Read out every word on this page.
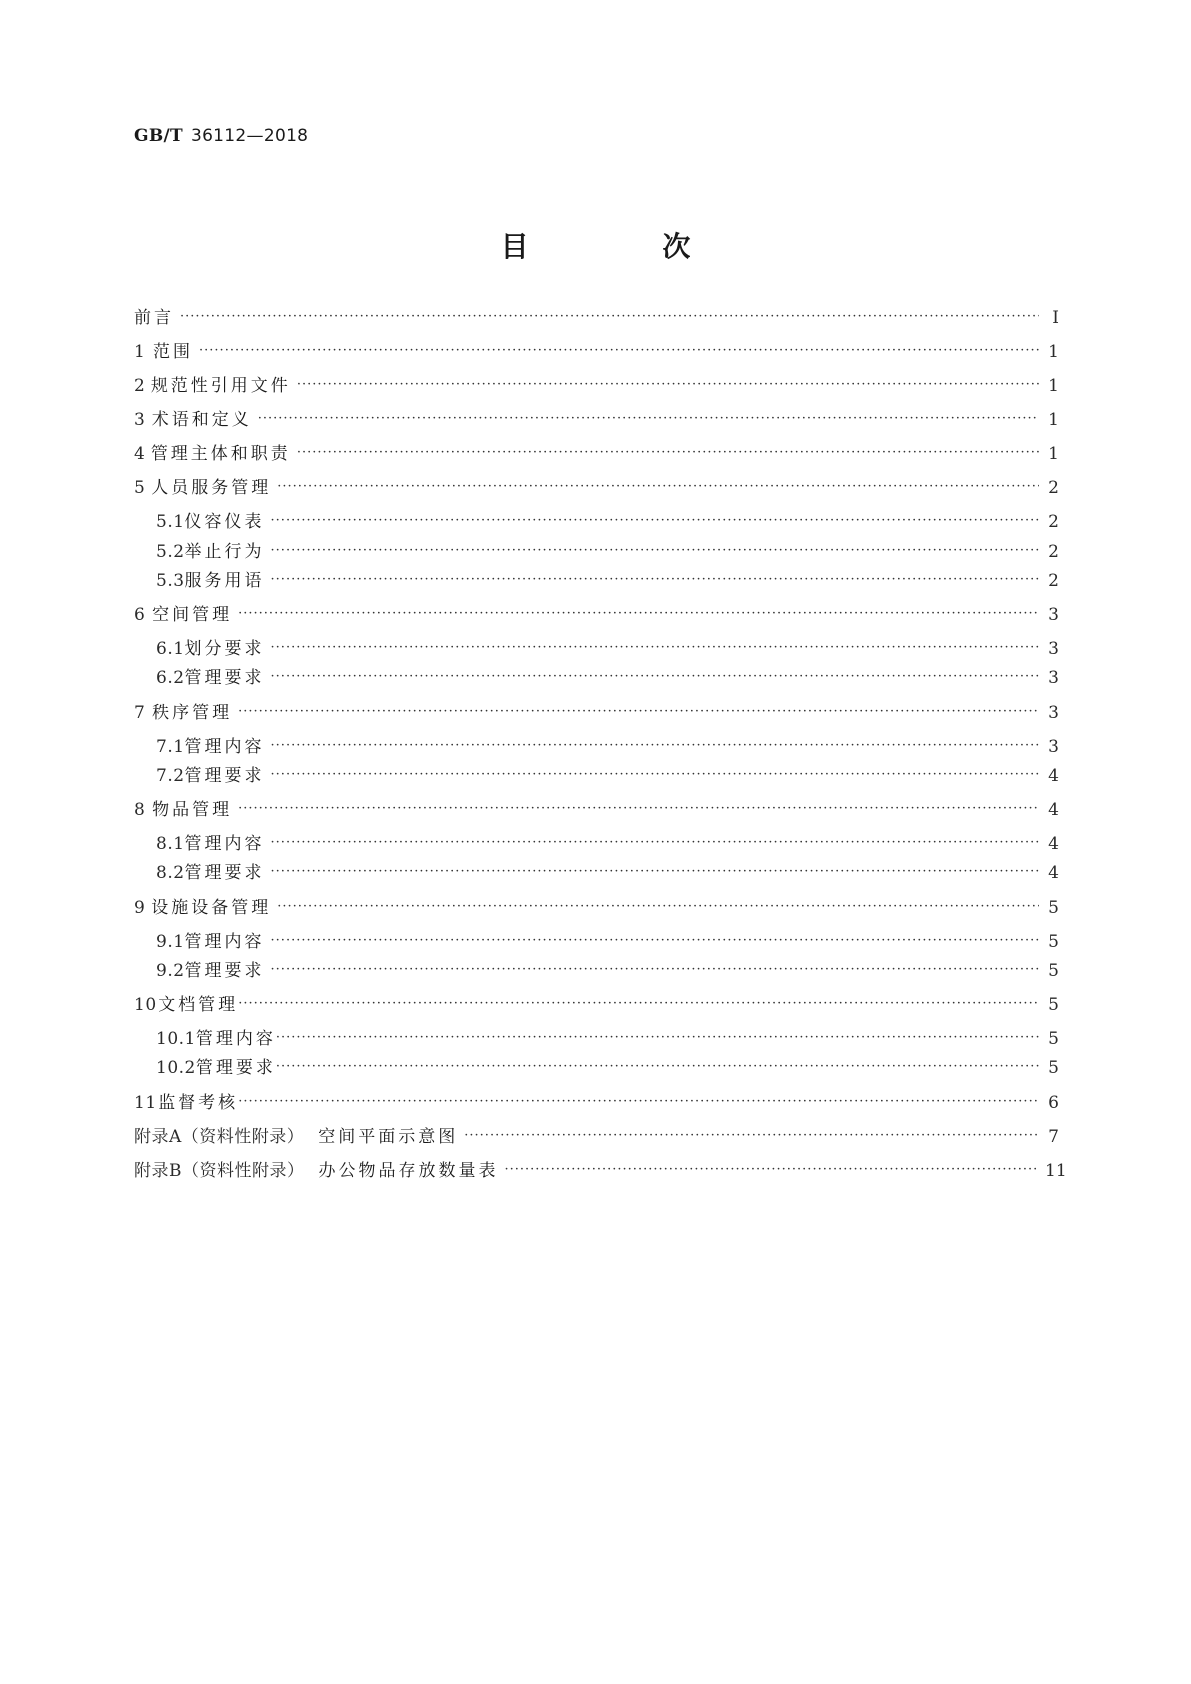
GB/T 36112—2018
目 次
前言 ·····	Ⅰ
1 范围 ·····	1
2 规范性引用文件 ·····	1
3 术语和定义 ·····	1
4 管理主体和职责 ·····	1
5 人员服务管理 ·····	2
5.1 仪容仪表 ·····	2
5.2 举止行为 ·····	2
5.3 服务用语 ·····	2
6 空间管理 ·····	3
6.1 划分要求 ·····	3
6.2 管理要求 ·····	3
7 秩序管理 ·····	3
7.1 管理内容 ·····	3
7.2 管理要求 ·····	4
8 物品管理 ·····	4
8.1 管理内容 ·····	4
8.2 管理要求 ·····	4
9 设施设备管理 ·····	5
9.1 管理内容 ·····	5
9.2 管理要求 ·····	5
10 文档管理 ·····	5
10.1 管理内容 ·····	5
10.2 管理要求 ·····	5
11 监督考核 ·····	6
附录A（资料性附录） 空间平面示意图 ·····	7
附录B（资料性附录） 办公物品存放数量表 ·····	11
